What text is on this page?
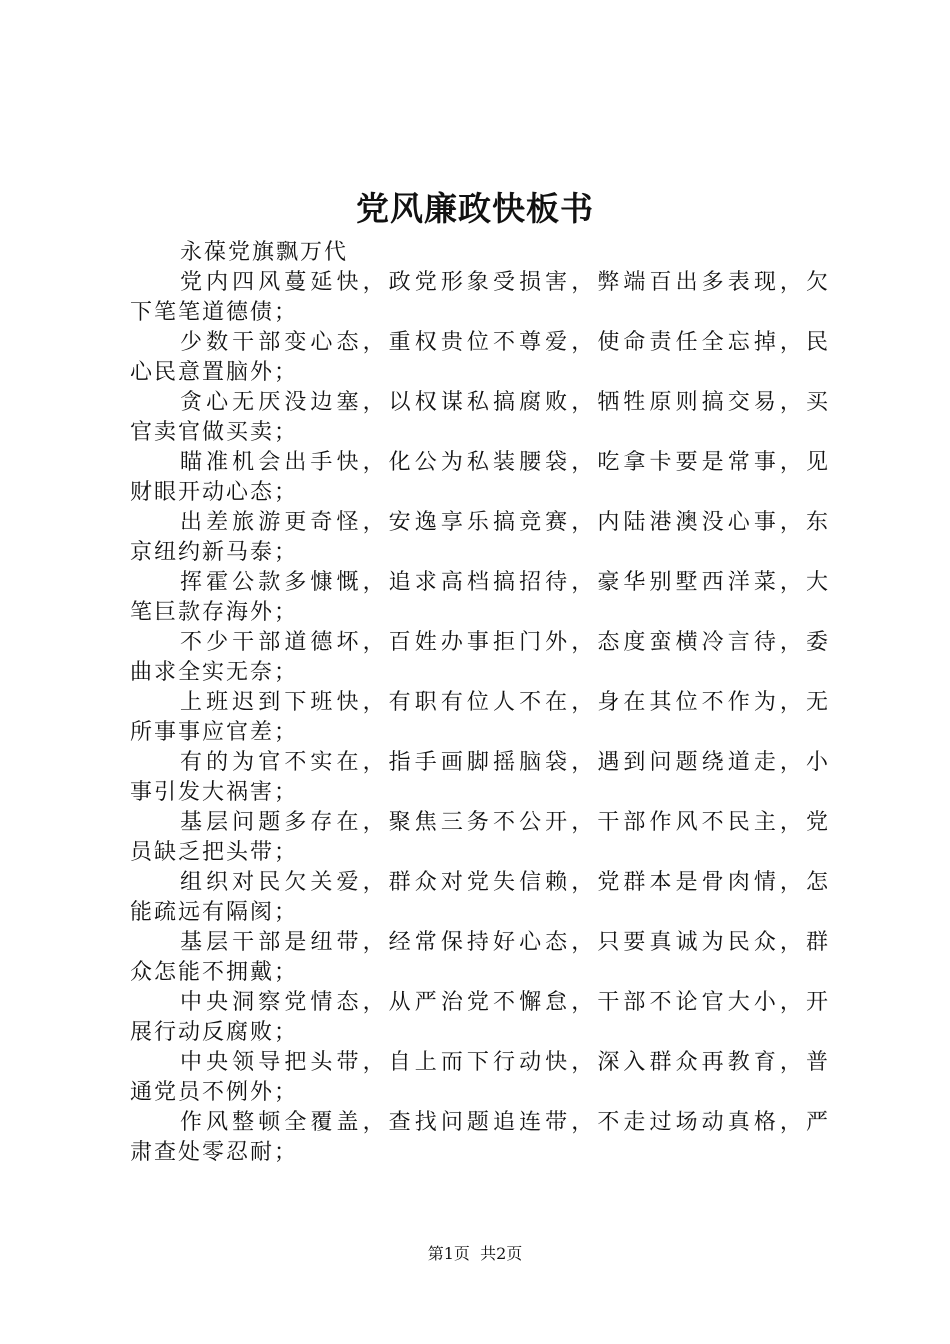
党风廉政快板书

永葆党旗飘万代

党内四风蔓延快，政党形象受损害，弊端百出多表现，欠
下笔笔道德债；
少数干部变心态，重权贵位不尊爱，使命责任全忘掉，民
心民意置脑外；
贪心无厌没边塞，以权谋私搞腐败，牺牲原则搞交易，买
官卖官做买卖；
瞄准机会出手快，化公为私装腰袋，吃拿卡要是常事，见
财眼开动心态；
出差旅游更奇怪，安逸享乐搞竞赛，内陆港澳没心事，东
京纽约新马泰；
挥霍公款多慷慨，追求高档搞招待，豪华别墅西洋菜，大
笔巨款存海外；
不少干部道德坏，百姓办事拒门外，态度蛮横冷言待，委
曲求全实无奈；
上班迟到下班快，有职有位人不在，身在其位不作为，无
所事事应官差；
有的为官不实在，指手画脚摇脑袋，遇到问题绕道走，小
事引发大祸害；
基层问题多存在，聚焦三务不公开，干部作风不民主，党
员缺乏把头带；
组织对民欠关爱，群众对党失信赖，党群本是骨肉情，怎
能疏远有隔阂；
基层干部是纽带，经常保持好心态，只要真诚为民众，群
众怎能不拥戴；
中央洞察党情态，从严治党不懈怠，干部不论官大小，开
展行动反腐败；
中央领导把头带，自上而下行动快，深入群众再教育，普
通党员不例外；
作风整顿全覆盖，查找问题追连带，不走过场动真格，严
肃查处零忍耐；
第1页  共2页
